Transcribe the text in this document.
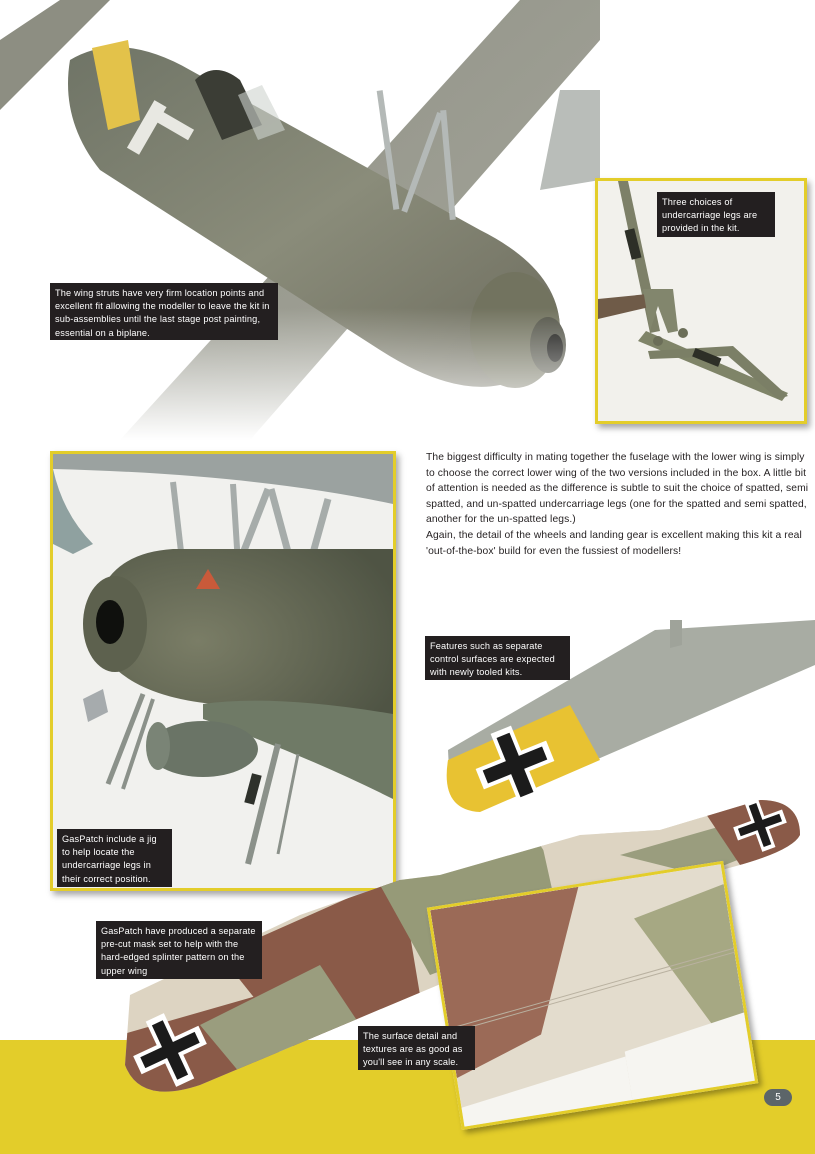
The wing struts have very firm location points and excellent fit allowing the modeller to leave the kit in sub-assemblies until the last stage post painting, essential on a biplane.
Three choices of undercarriage legs are provided in the kit.
GasPatch include a jig to help locate the undercarriage legs in their correct position.

The biggest difficulty in mating together the fuselage with the lower wing is simply to choose the correct lower wing of the two versions included in the box. A little bit of attention is needed as the difference is subtle to suit the choice of spatted, semi spatted, and un-spatted undercarriage legs (one for the spatted and semi spatted, another for the un-spatted legs.)

Again, the detail of the wheels and landing gear is excellent making this kit a real 'out-of-the-box' build for even the fussiest of modellers!

Features such as separate control surfaces are expected with newly tooled kits.
GasPatch have produced a separate pre-cut mask set to help with the hard-edged splinter pattern on the upper wing
The surface detail and textures are as good as you'll see in any scale.
5
